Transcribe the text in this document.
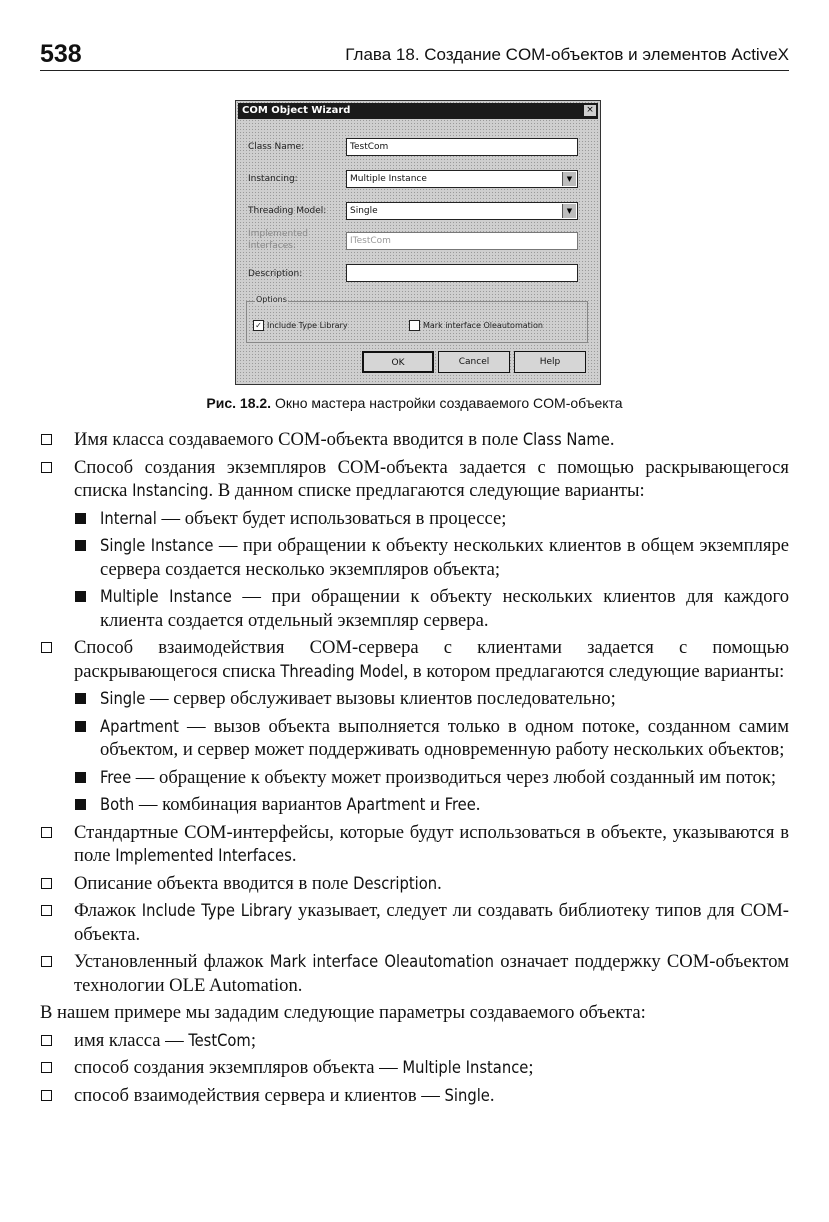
538	Глава 18. Создание COM-объектов и элементов ActiveX
COM Object Wizard	×
Class Name:	TestCom
Instancing:	Multiple Instance	▼
Threading Model:	Single	▼
Implemented Interfaces:	ITestCom
Description:
Options
✓ Include Type Library	Mark interface Oleautomation
OK	Cancel	Help
Рис. 18.2. Окно мастера настройки создаваемого COM-объекта

Имя класса создаваемого COM-объекта вводится в поле Class Name.

Способ создания экземпляров COM-объекта задается с помощью раскрывающегося списка Instancing. В данном списке предлагаются следующие варианты:

Internal — объект будет использоваться в процессе;

Single Instance — при обращении к объекту нескольких клиентов в общем экземпляре сервера создается несколько экземпляров объекта;

Multiple Instance — при обращении к объекту нескольких клиентов для каждого клиента создается отдельный экземпляр сервера.

Способ взаимодействия COM-сервера с клиентами задается с помощью раскрывающегося списка Threading Model, в котором предлагаются следующие варианты:

Single — сервер обслуживает вызовы клиентов последовательно;

Apartment — вызов объекта выполняется только в одном потоке, созданном самим объектом, и сервер может поддерживать одновременную работу нескольких объектов;

Free — обращение к объекту может производиться через любой созданный им поток;

Both — комбинация вариантов Apartment и Free.

Стандартные COM-интерфейсы, которые будут использоваться в объекте, указываются в поле Implemented Interfaces.

Описание объекта вводится в поле Description.

Флажок Include Type Library указывает, следует ли создавать библиотеку типов для COM-объекта.

Установленный флажок Mark interface Oleautomation означает поддержку COM-объектом технологии OLE Automation.

В нашем примере мы зададим следующие параметры создаваемого объекта:

имя класса — TestCom;

способ создания экземпляров объекта — Multiple Instance;

способ взаимодействия сервера и клиентов — Single.
